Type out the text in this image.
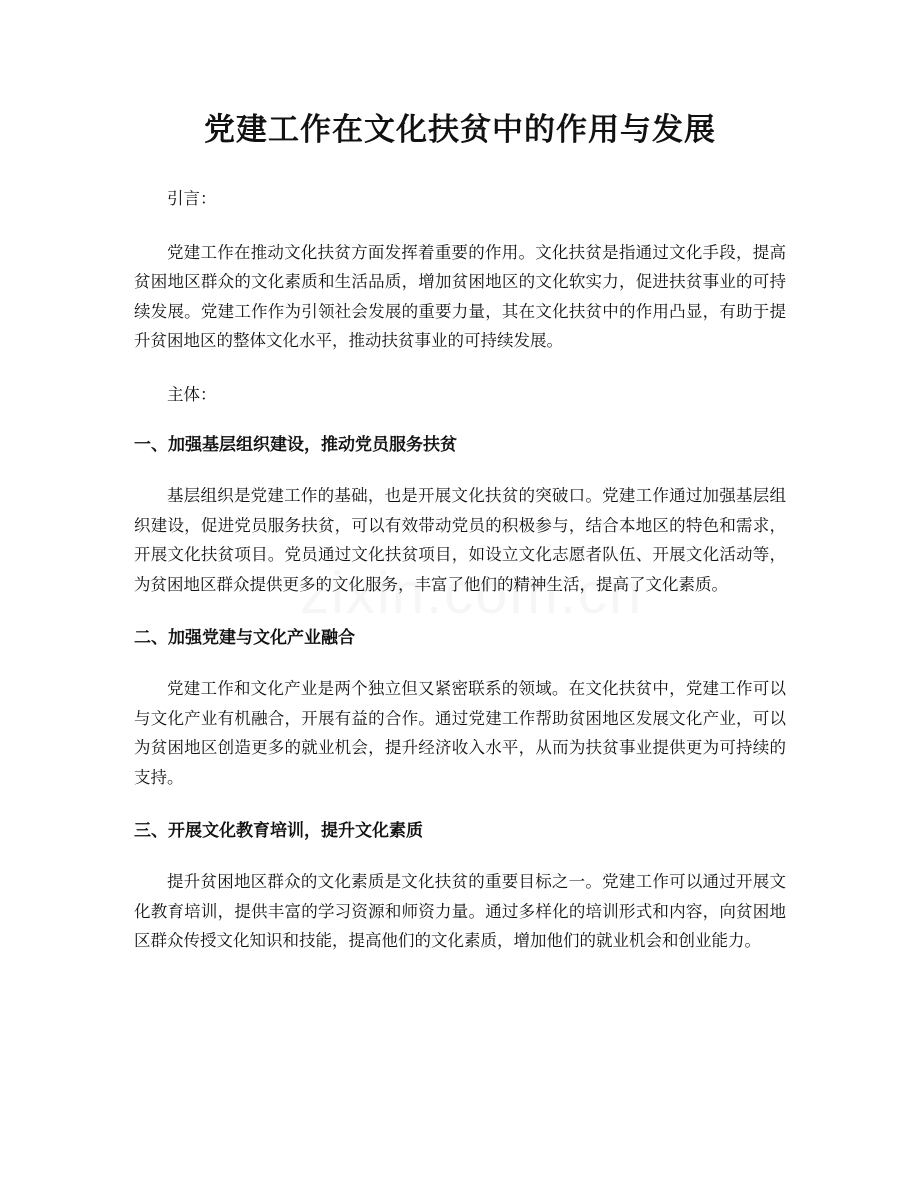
党建工作在文化扶贫中的作用与发展
引言：

党建工作在推动文化扶贫方面发挥着重要的作用。文化扶贫是指通过文化手段，提高贫困地区群众的文化素质和生活品质，增加贫困地区的文化软实力，促进扶贫事业的可持续发展。党建工作作为引领社会发展的重要力量，其在文化扶贫中的作用凸显，有助于提升贫困地区的整体文化水平，推动扶贫事业的可持续发展。

主体：
一、加强基层组织建设，推动党员服务扶贫

基层组织是党建工作的基础，也是开展文化扶贫的突破口。党建工作通过加强基层组织建设，促进党员服务扶贫，可以有效带动党员的积极参与，结合本地区的特色和需求，开展文化扶贫项目。党员通过文化扶贫项目，如设立文化志愿者队伍、开展文化活动等，为贫困地区群众提供更多的文化服务，丰富了他们的精神生活，提高了文化素质。

二、加强党建与文化产业融合

党建工作和文化产业是两个独立但又紧密联系的领域。在文化扶贫中，党建工作可以与文化产业有机融合，开展有益的合作。通过党建工作帮助贫困地区发展文化产业，可以为贫困地区创造更多的就业机会，提升经济收入水平，从而为扶贫事业提供更为可持续的支持。

三、开展文化教育培训，提升文化素质

提升贫困地区群众的文化素质是文化扶贫的重要目标之一。党建工作可以通过开展文化教育培训，提供丰富的学习资源和师资力量。通过多样化的培训形式和内容，向贫困地区群众传授文化知识和技能，提高他们的文化素质，增加他们的就业机会和创业能力。
